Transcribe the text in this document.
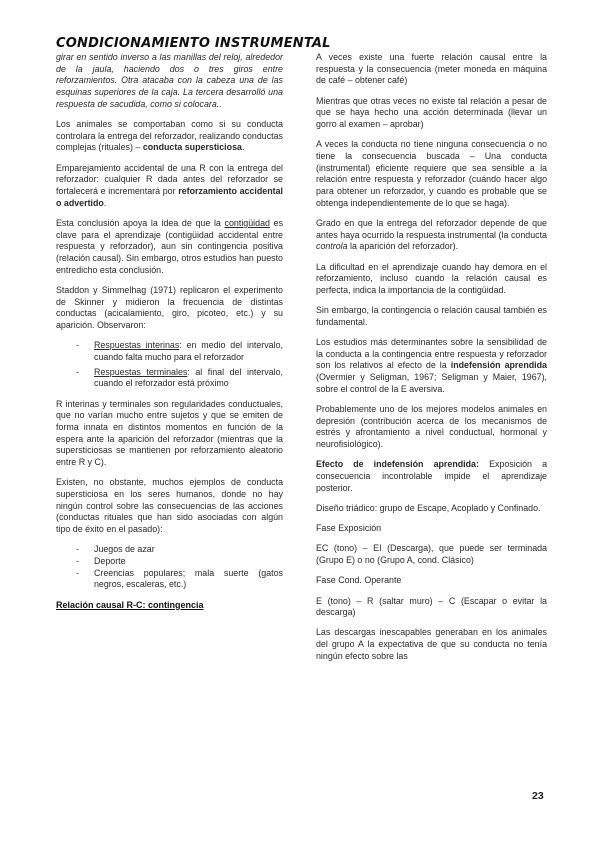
CONDICIONAMIENTO INSTRUMENTAL

girar en sentido inverso a las manillas del reloj, alrededor de la jaula, haciendo dos o tres giros entre reforzamientos. Otra atacaba con la cabeza una de las esquinas superiores de la caja. La tercera desarrolló una respuesta de sacudida, como si colocara..

Los animales se comportaban como si su conducta controlara la entrega del reforzador, realizando conductas complejas (rituales) – conducta supersticiosa.

Emparejamiento accidental de una R con la entrega del reforzador: cualquier R dada antes del reforzador se fortalecerá e incrementará por reforzamiento accidental o advertido.

Esta conclusión apoya la idea de que la contigüidad es clave para el aprendizaje (contigüidad accidental entre respuesta y reforzador), aun sin contingencia positiva (relación causal). Sin embargo, otros estudios han puesto entredicho esta conclusión.

Staddon y Simmelhag (1971) replicaron el experimento de Skinner y midieron la frecuencia de distintas conductas (acicalamiento, giro, picoteo, etc.) y su aparición. Observaron:

- Respuestas interinas: en medio del intervalo, cuando falta mucho para el reforzador
- Respuestas terminales: al final del intervalo, cuando el reforzador está próximo

R interinas y terminales son regularidades conductuales, que no varían mucho entre sujetos y que se emiten de forma innata en distintos momentos en función de la espera ante la aparición del reforzador (mientras que la supersticiosas se mantienen por reforzamiento aleatorio entre R y C).

Existen, no obstante, muchos ejemplos de conducta supersticiosa en los seres humanos, donde no hay ningún control sobre las consecuencias de las acciones (conductas rituales que han sido asociadas con algún tipo de éxito en el pasado):

- Juegos de azar
- Deporte
- Creencias populares; mala suerte (gatos negros, escaleras, etc.)
Relación causal R-C: contingencia

A veces existe una fuerte relación causal entre la respuesta y la consecuencia (meter moneda en máquina de café – obtener café)

Mientras que otras veces no existe tal relación a pesar de que se haya hecho una acción determinada (llevar un gorro al examen – aprobar)

A veces la conducta no tiene ninguna consecuencia o no tiene la consecuencia buscada – Una conducta (instrumental) eficiente requiere que sea sensible a la relación entre respuesta y reforzador (cuándo hacer algo para obtener un reforzador, y cuando es probable que se obtenga independientemente de lo que se haga).

Grado en que la entrega del reforzador depende de que antes haya ocurrido la respuesta instrumental (la conducta controla la aparición del reforzador).

La dificultad en el aprendizaje cuando hay demora en el reforzamiento, incluso cuando la relación causal es perfecta, indica la importancia de la contigüidad.

Sin embargo, la contingencia o relación causal también es fundamental.

Los estudios más determinantes sobre la sensibilidad de la conducta a la contingencia entre respuesta y reforzador son los relativos al efecto de la indefensión aprendida (Overmier y Seligman, 1967; Seligman y Maier, 1967), sobre el control de la E aversiva.

Probablemente uno de los mejores modelos animales en depresión (contribución acerca de los mecanismos de estrés y afrontamiento a nivel conductual, hormonal y neurofisiológico).

Efecto de indefensión aprendida: Exposición a consecuencia incontrolable impide el aprendizaje posterior.

Diseño triádico: grupo de Escape, Acoplado y Confinado.

Fase Exposición

EC (tono) – EI (Descarga), que puede ser terminada (Grupo E) o no (Grupo A, cond. Clásico)

Fase Cond. Operante

E (tono) – R (saltar muro) – C (Escapar o evitar la descarga)

Las descargas inescapables generaban en los animales del grupo A la expectativa de que su conducta no tenía ningún efecto sobre las

23
